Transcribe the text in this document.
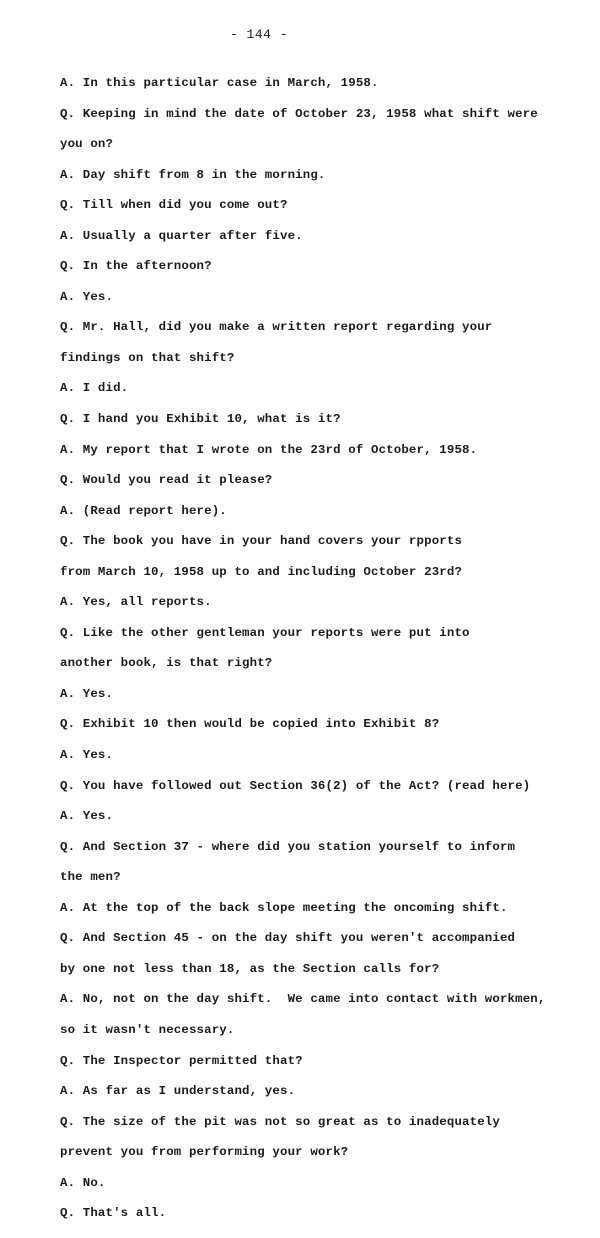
- 144 -
A. In this particular case in March, 1958.
Q. Keeping in mind the date of October 23, 1958 what shift were
you on?
A. Day shift from 8 in the morning.
Q. Till when did you come out?
A. Usually a quarter after five.
Q. In the afternoon?
A. Yes.
Q. Mr. Hall, did you make a written report regarding your
findings on that shift?
A. I did.
Q. I hand you Exhibit 10, what is it?
A. My report that I wrote on the 23rd of October, 1958.
Q. Would you read it please?
A. (Read report here).
Q. The book you have in your hand covers your rpports
from March 10, 1958 up to and including October 23rd?
A. Yes, all reports.
Q. Like the other gentleman your reports were put into
another book, is that right?
A. Yes.
Q. Exhibit 10 then would be copied into Exhibit 8?
A. Yes.
Q. You have followed out Section 36(2) of the Act? (read here)
A. Yes.
Q. And Section 37 - where did you station yourself to inform
the men?
A. At the top of the back slope meeting the oncoming shift.
Q. And Section 45 - on the day shift you weren't accompanied
by one not less than 18, as the Section calls for?
A. No, not on the day shift.  We came into contact with workmen,
so it wasn't necessary.
Q. The Inspector permitted that?
A. As far as I understand, yes.
Q. The size of the pit was not so great as to inadequately
prevent you from performing your work?
A. No.
Q. That's all.
